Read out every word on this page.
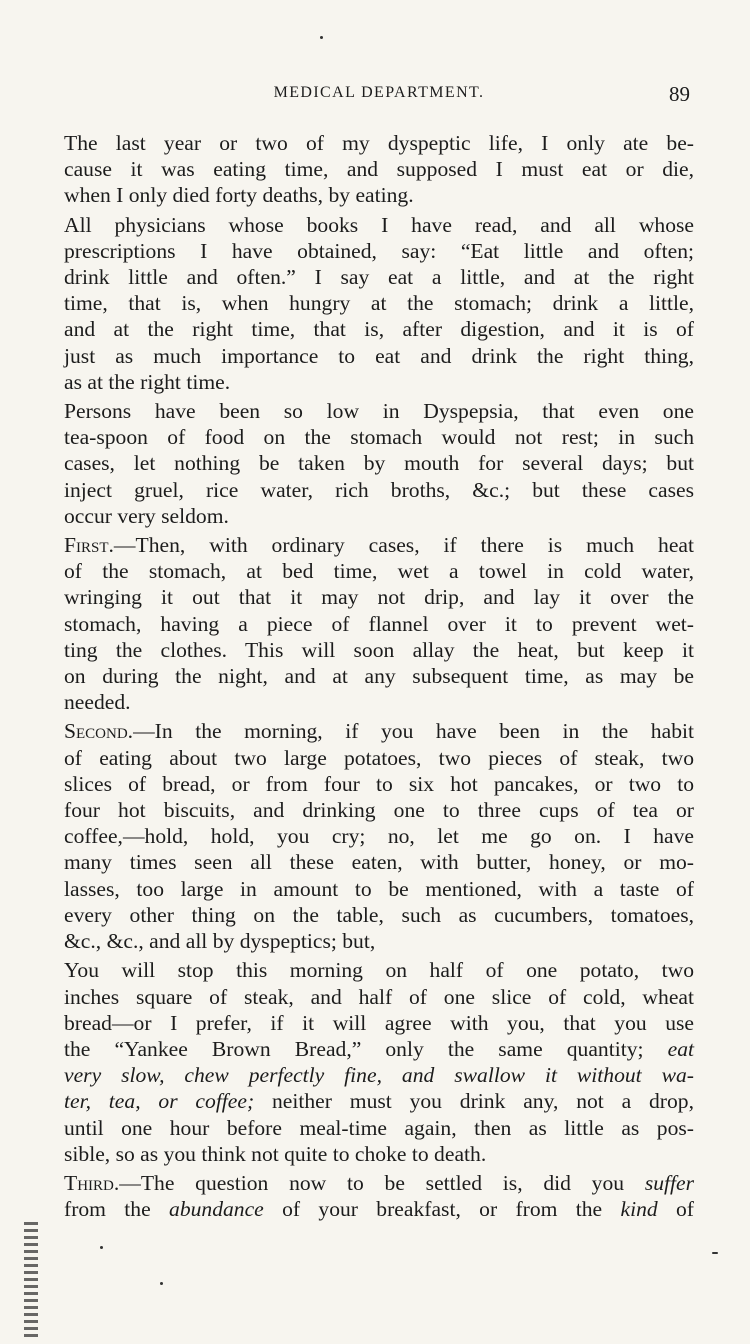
MEDICAL DEPARTMENT.	89
The last year or two of my dyspeptic life, I only ate be-
cause it was eating time, and supposed I must eat or die,
when I only died forty deaths, by eating.
All physicians whose books I have read, and all whose
prescriptions I have obtained, say: “Eat little and often;
drink little and often.” I say eat a little, and at the right
time, that is, when hungry at the stomach; drink a little,
and at the right time, that is, after digestion, and it is of
just as much importance to eat and drink the right thing,
as at the right time.
Persons have been so low in Dyspepsia, that even one
tea-spoon of food on the stomach would not rest; in such
cases, let nothing be taken by mouth for several days; but
inject gruel, rice water, rich broths, &c.; but these cases
occur very seldom.
First.—Then, with ordinary cases, if there is much heat
of the stomach, at bed time, wet a towel in cold water,
wringing it out that it may not drip, and lay it over the
stomach, having a piece of flannel over it to prevent wet-
ting the clothes. This will soon allay the heat, but keep it
on during the night, and at any subsequent time, as may be
needed.
Second.—In the morning, if you have been in the habit
of eating about two large potatoes, two pieces of steak, two
slices of bread, or from four to six hot pancakes, or two to
four hot biscuits, and drinking one to three cups of tea or
coffee,—hold, hold, you cry; no, let me go on. I have
many times seen all these eaten, with butter, honey, or mo-
lasses, too large in amount to be mentioned, with a taste of
every other thing on the table, such as cucumbers, tomatoes,
&c., &c., and all by dyspeptics; but,
You will stop this morning on half of one potato, two
inches square of steak, and half of one slice of cold, wheat
bread—or I prefer, if it will agree with you, that you use
the “Yankee Brown Bread,” only the same quantity; eat
very slow, chew perfectly fine, and swallow it without wa-
ter, tea, or coffee; neither must you drink any, not a drop,
until one hour before meal-time again, then as little as pos-
sible, so as you think not quite to choke to death.
Third.—The question now to be settled is, did you suffer
from the abundance of your breakfast, or from the kind of
